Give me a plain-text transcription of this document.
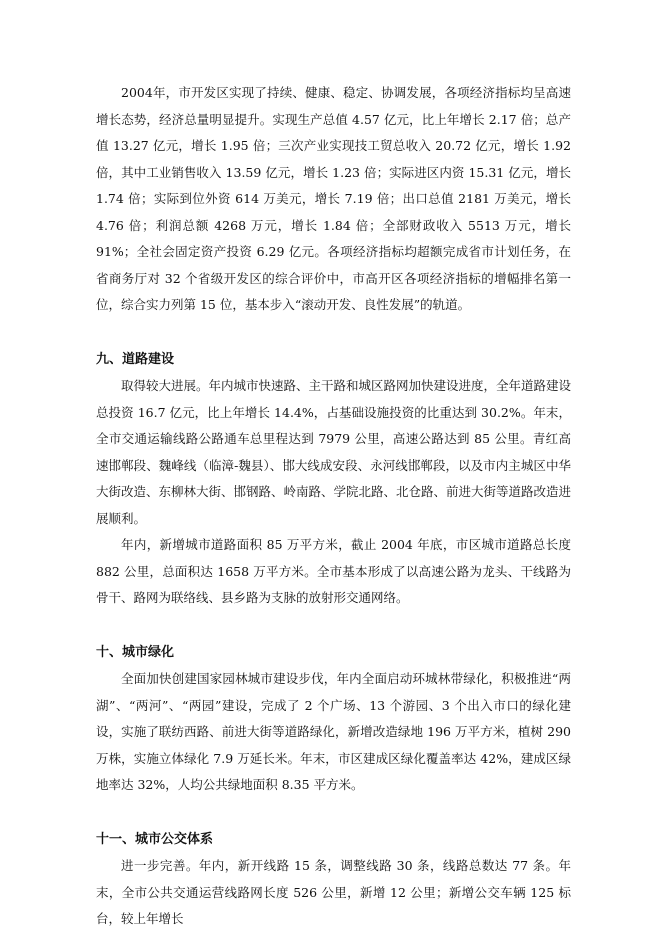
2004年，市开发区实现了持续、健康、稳定、协调发展，各项经济指标均呈高速增长态势，经济总量明显提升。实现生产总值 4.57 亿元，比上年增长 2.17 倍；总产值 13.27 亿元，增长 1.95 倍；三次产业实现技工贸总收入 20.72 亿元，增长 1.92 倍，其中工业销售收入 13.59 亿元，增长 1.23 倍；实际进区内资 15.31 亿元，增长 1.74 倍；实际到位外资 614 万美元，增长 7.19 倍；出口总值 2181 万美元，增长 4.76 倍；利润总额 4268 万元，增长 1.84 倍；全部财政收入 5513 万元，增长 91%；全社会固定资产投资 6.29 亿元。各项经济指标均超额完成省市计划任务，在省商务厅对 32 个省级开发区的综合评价中，市高开区各项经济指标的增幅排名第一位，综合实力列第 15 位，基本步入“滚动开发、良性发展”的轨道。

九、道路建设

取得较大进展。年内城市快速路、主干路和城区路网加快建设进度，全年道路建设总投资 16.7 亿元，比上年增长 14.4%，占基础设施投资的比重达到 30.2%。年末，全市交通运输线路公路通车总里程达到 7979 公里，高速公路达到 85 公里。青红高速邯郸段、魏峰线（临漳-魏县）、邯大线成安段、永河线邯郸段，以及市内主城区中华大街改造、东柳林大街、邯钢路、岭南路、学院北路、北仓路、前进大街等道路改造进展顺利。

年内，新增城市道路面积 85 万平方米，截止 2004 年底，市区城市道路总长度 882 公里，总面积达 1658 万平方米。全市基本形成了以高速公路为龙头、干线路为骨干、路网为联络线、县乡路为支脉的放射形交通网络。

十、城市绿化

全面加快创建国家园林城市建设步伐，年内全面启动环城林带绿化，积极推进“两湖”、“两河”、“两园”建设，完成了 2 个广场、13 个游园、3 个出入市口的绿化建设，实施了联纺西路、前进大街等道路绿化，新增改造绿地 196 万平方米，植树 290 万株，实施立体绿化 7.9 万延长米。年末，市区建成区绿化覆盖率达 42%，建成区绿地率达 32%，人均公共绿地面积 8.35 平方米。

十一、城市公交体系

进一步完善。年内，新开线路 15 条，调整线路 30 条，线路总数达 77 条。年末，全市公共交通运营线路网长度 526 公里，新增 12 公里；新增公交车辆 125 标台，较上年增长
